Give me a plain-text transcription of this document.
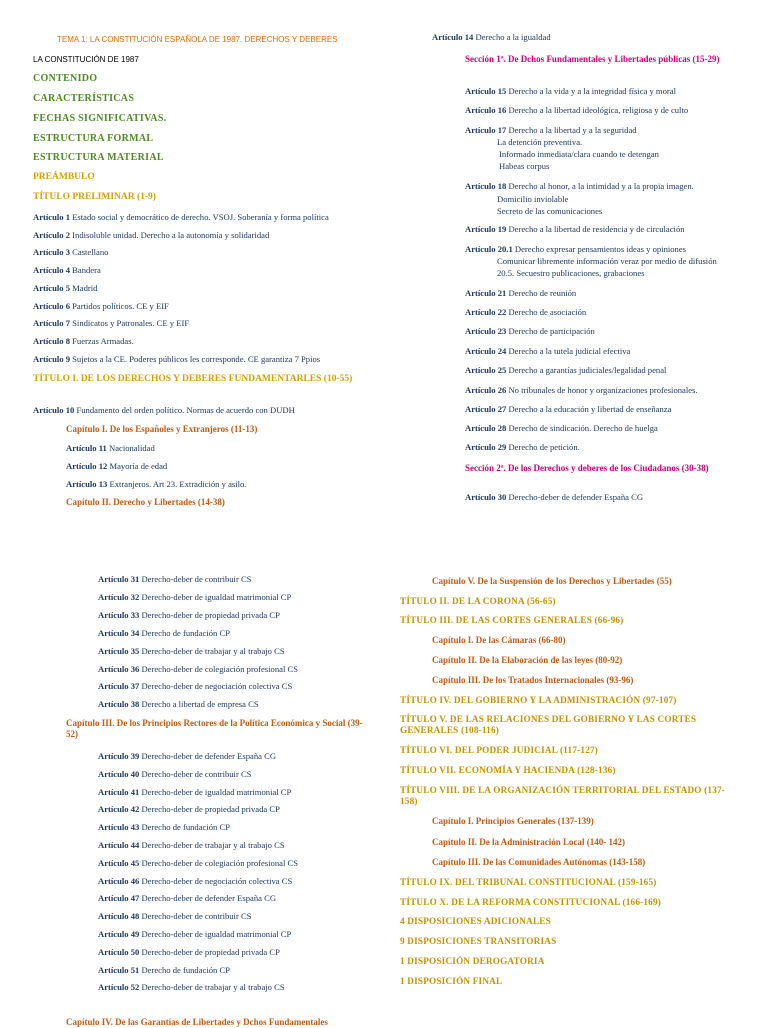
TEMA 1: LA CONSTITUCIÓN ESPAÑOLA DE 1987. DERECHOS Y DEBERES
LA CONSTITUCIÓN DE 1987
CONTENIDO
CARACTERÍSTICAS
FECHAS SIGNIFICATIVAS.
ESTRUCTURA FORMAL
ESTRUCTURA MATERIAL
PREÁMBULO
TÍTULO PRELIMINAR (1-9)
Artículo 1 Estado social y democrático de derecho. VSOJ. Soberanía y forma política
Artículo 2 Indisoluble unidad. Derecho a la autonomía y solidaridad
Artículo 3 Castellano
Artículo 4 Bandera
Artículo 5 Madrid
Artículo 6 Partidos políticos. CE y EIF
Artículo 7 Sindicatos y Patronales. CE y EIF
Artículo 8 Fuerzas Armadas.
Artículo 9 Sujetos a la CE. Poderes públicos les corresponde. CE garantiza 7 Ppios
TÍTULO I. DE LOS DERECHOS Y DEBERES FUNDAMENTARLES (10-55)
Artículo 10 Fundamento del orden político. Normas de acuerdo con DUDH
Capítulo I. De los Españoles y Extranjeros (11-13)
Artículo 11 Nacionalidad
Artículo 12 Mayoría de edad
Artículo 13 Extranjeros. Art 23. Extradición y asilo.
Capítulo II. Derecho y Libertades (14-38)
Artículo 14 Derecho a la igualdad
Sección 1ª. De Dchos Fundamentales y Libertades públicas (15-29)
Artículo 15 Derecho a la vida y a la integridad física y moral
Artículo 16 Derecho a la libertad ideológica, religiosa y de culto
Artículo 17 Derecho a la libertad y a la seguridad
La detención preventiva.
Informado inmediata/clara cuando te detengan
Habeas corpus
Artículo 18 Derecho al honor, a la intimidad y a la propia imagen.
Domicilio inviolable
Secreto de las comunicaciones
Artículo 19 Derecho a la libertad de residencia y de circulación
Artículo 20.1 Derecho expresar pensamientos ideas y opiniones
Comunicar libremente información veraz por medio de difusión
20.5. Secuestro publicaciones, grabaciones
Artículo 21 Derecho de reunión
Artículo 22 Derecho de asociación
Artículo 23 Derecho de participación
Artículo 24 Derecho a la tutela judicial efectiva
Artículo 25 Derecho a garantías judiciales/legalidad penal
Artículo 26 No tribunales de honor y organizaciones profesionales.
Artículo 27 Derecho a la educación y libertad de enseñanza
Artículo 28 Derecho de sindicación. Derecho de huelga
Artículo 29 Derecho de petición.
Sección 2ª. De los Derechos y deberes de los Ciudadanos (30-38)
Artículo 30 Derecho-deber de defender España CG
Artículo 31 Derecho-deber de contribuir CS
Artículo 32 Derecho-deber de igualdad matrimonial CP
Artículo 33 Derecho-deber de propiedad privada CP
Artículo 34 Derecho de fundación CP
Artículo 35 Derecho-deber de trabajar y al trabajo CS
Artículo 36 Derecho-deber de colegiación profesional CS
Artículo 37 Derecho-deber de negociación colectiva CS
Artículo 38 Derecho a libertad de empresa CS
Capítulo III. De los Principios Rectores de la Política Económica y Social (39-52)
Artículo 39 Derecho-deber de defender España CG
Artículo 40 Derecho-deber de contribuir CS
Artículo 41 Derecho-deber de igualdad matrimonial CP
Artículo 42 Derecho-deber de propiedad privada CP
Artículo 43 Derecho de fundación CP
Artículo 44 Derecho-deber de trabajar y al trabajo CS
Artículo 45 Derecho-deber de colegiación profesional CS
Artículo 46 Derecho-deber de negociación colectiva CS
Artículo 47 Derecho-deber de defender España CG
Artículo 48 Derecho-deber de contribuir CS
Artículo 49 Derecho-deber de igualdad matrimonial CP
Artículo 50 Derecho-deber de propiedad privada CP
Artículo 51 Derecho de fundación CP
Artículo 52 Derecho-deber de trabajar y al trabajo CS
Capítulo IV. De las Garantías de Libertades y Dchos Fundamentales
Capítulo V. De la Suspensión de los Derechos y Libertades (55)
TÍTULO II. DE LA CORONA (56-65)
TÍTULO III. DE LAS CORTES GENERALES (66-96)
Capítulo I. De las Cámaras (66-80)
Capítulo II. De la Elaboración de las leyes (80-92)
Capítulo III. De los Tratados Internacionales (93-96)
TÍTULO IV. DEL GOBIERNO Y LA ADMINISTRACIÓN (97-107)
TÍTULO V. DE LAS RELACIONES DEL GOBIERNO Y LAS CORTES GENERALES (108-116)
TÍTULO VI. DEL PODER JUDICIAL (117-127)
TÍTULO VII. ECONOMÍA Y HACIENDA (128-136)
TÍTULO VIII. DE LA ORGANIZACIÓN TERRITORIAL DEL ESTADO (137-158)
Capítulo I. Principios Generales (137-139)
Capítulo II. De la Administración Local (140- 142)
Capítulo III. De las Comunidades Autónomas (143-158)
TÍTULO IX. DEL TRIBUNAL CONSTITUCIONAL (159-165)
TÍTULO X. DE LA REFORMA CONSTITUCIONAL (166-169)
4 DISPOSICIONES ADICIONALES
9 DISPOSICIONES TRANSITORIAS
1 DISPOSICIÓN DEROGATORIA
1 DISPOSICIÓN FINAL
